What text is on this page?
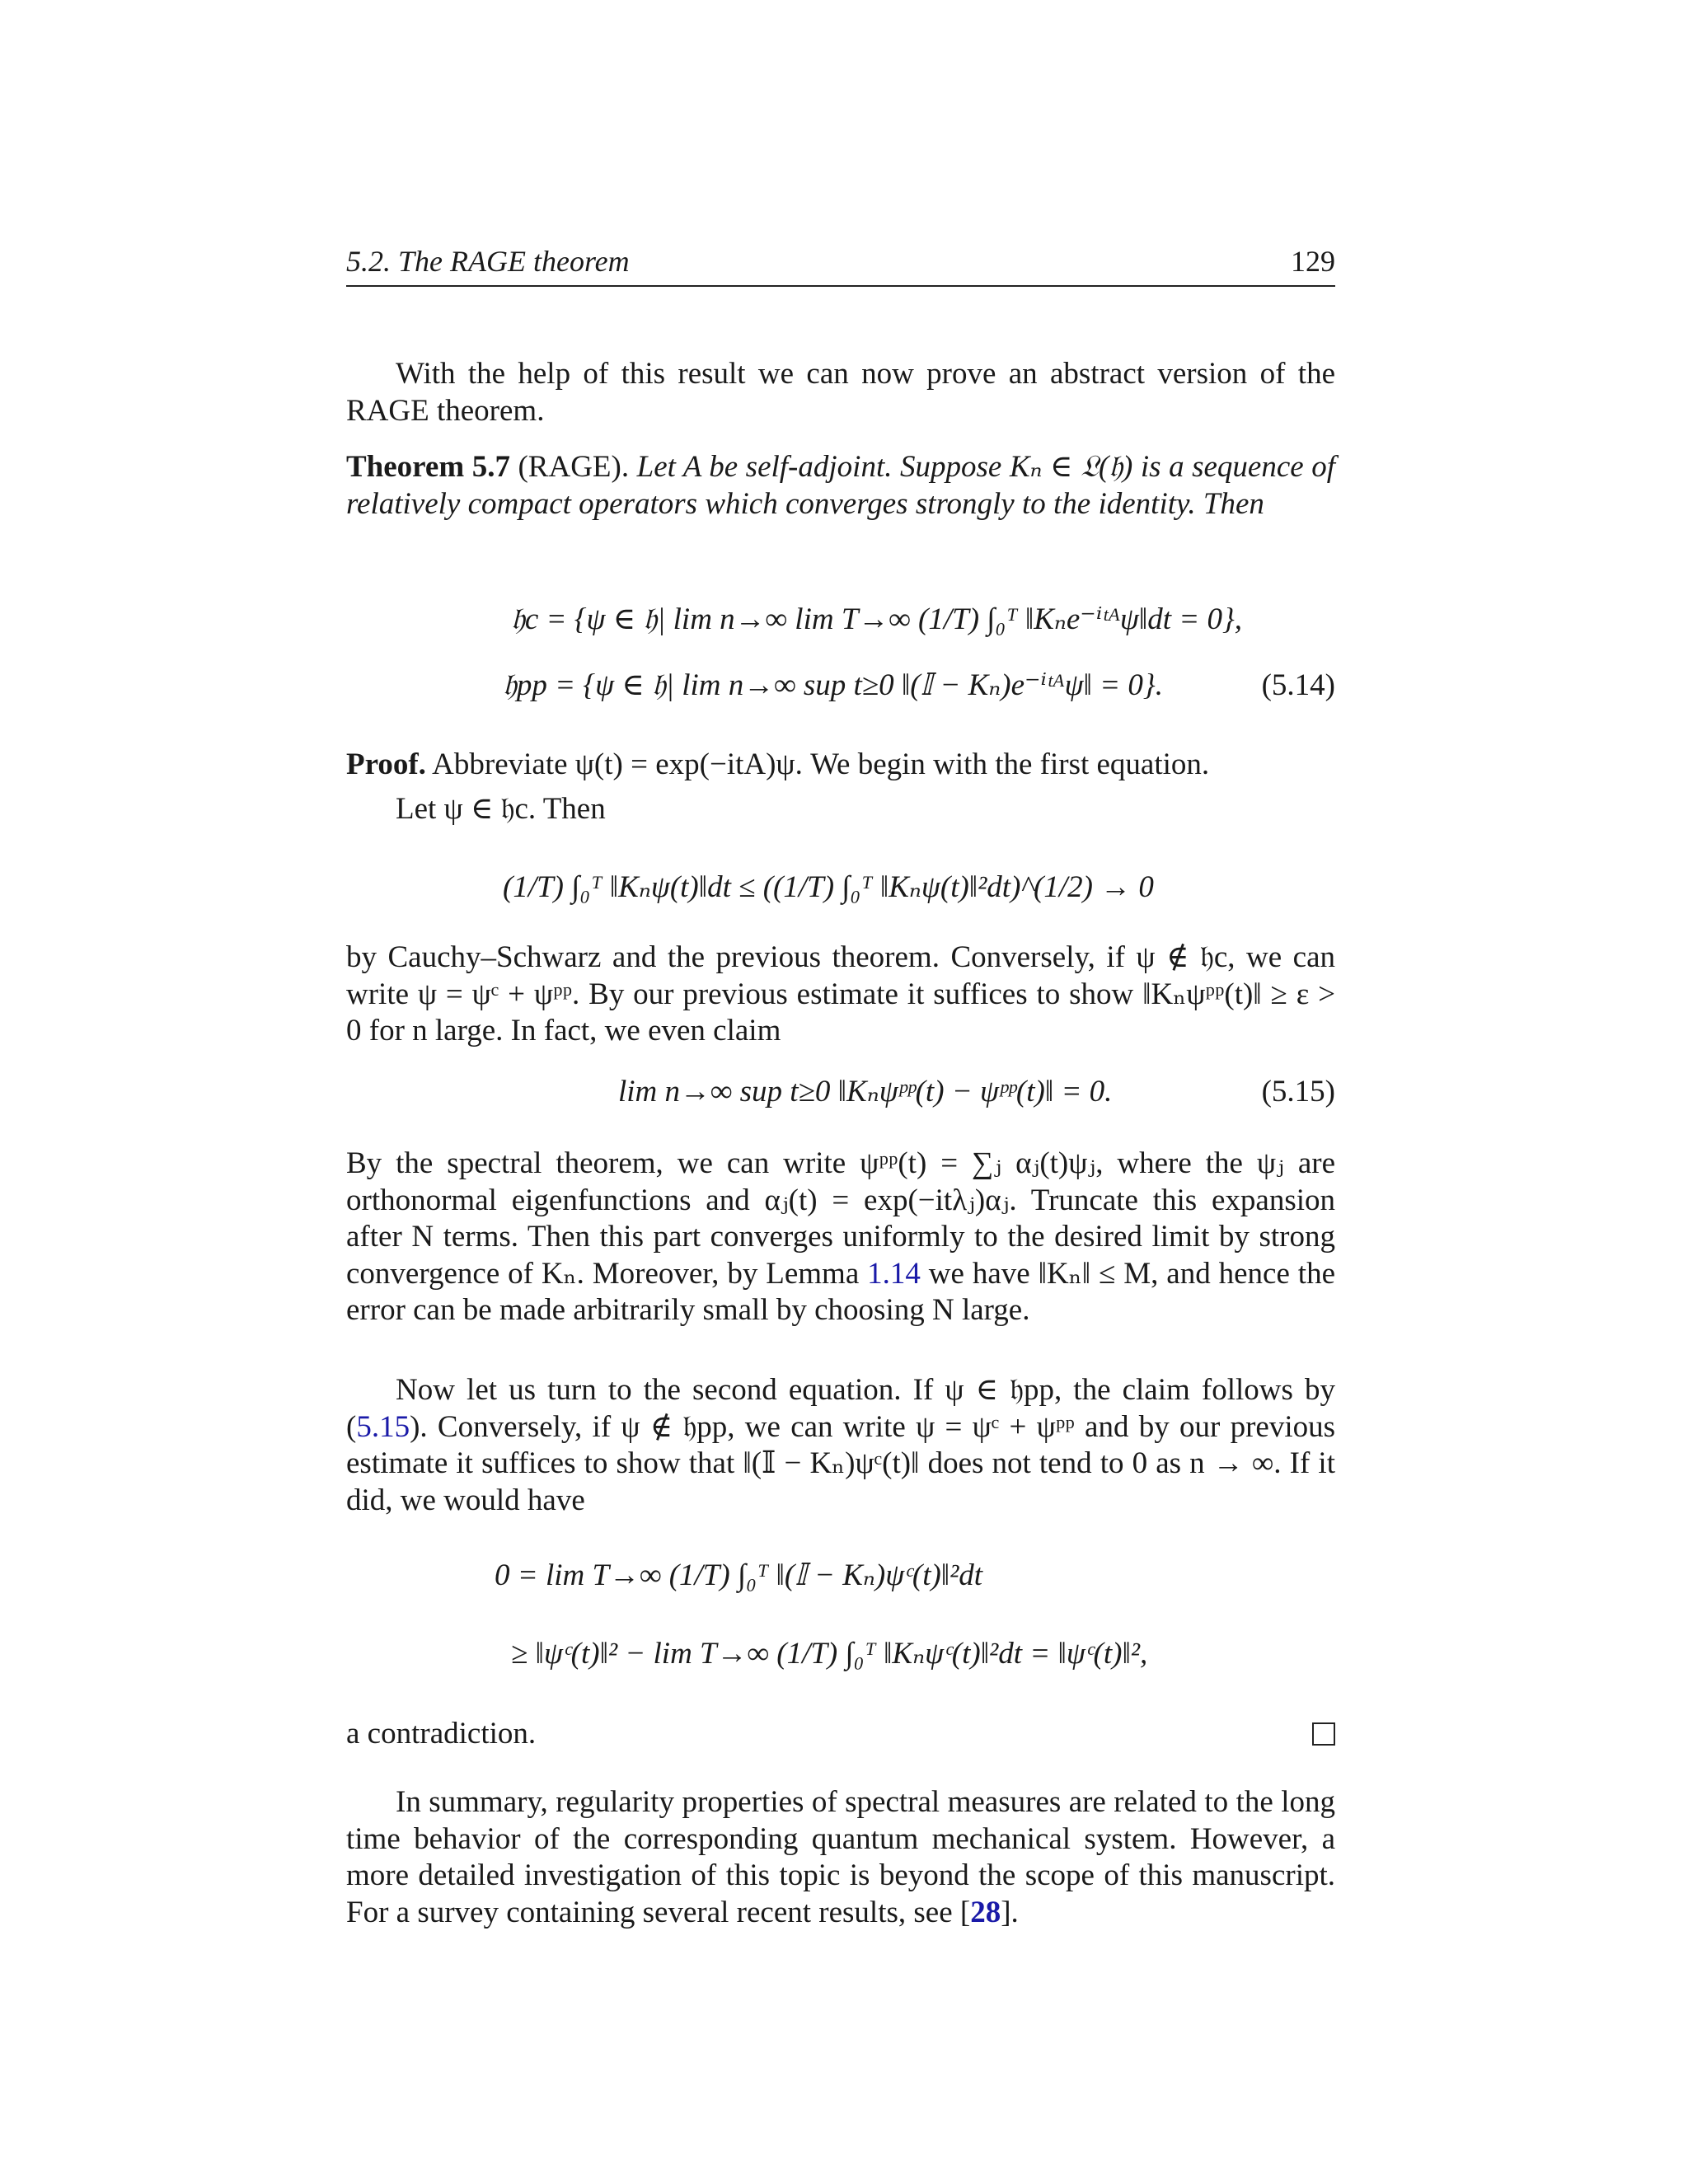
5.2. The RAGE theorem	129
With the help of this result we can now prove an abstract version of the RAGE theorem.
Theorem 5.7 (RAGE). Let A be self-adjoint. Suppose Kₙ ∈ 𝔏(𝔥) is a sequence of relatively compact operators which converges strongly to the identity. Then
𝔥c = {ψ ∈ 𝔥| lim n→∞ lim T→∞ (1/T) ∫₀ᵀ ‖Kₙe⁻ⁱᵗᴬψ‖dt = 0},
𝔥pp = {ψ ∈ 𝔥| lim n→∞ sup t≥0 ‖(𝕀 − Kₙ)e⁻ⁱᵗᴬψ‖ = 0}.	(5.14)
Proof. Abbreviate ψ(t) = exp(−itA)ψ. We begin with the first equation.
Let ψ ∈ 𝔥c. Then
(1/T) ∫₀ᵀ ‖Kₙψ(t)‖dt ≤ ((1/T) ∫₀ᵀ ‖Kₙψ(t)‖²dt)^(1/2) → 0
by Cauchy–Schwarz and the previous theorem. Conversely, if ψ ∉ 𝔥c, we can write ψ = ψᶜ + ψᵖᵖ. By our previous estimate it suffices to show ‖Kₙψᵖᵖ(t)‖ ≥ ε > 0 for n large. In fact, we even claim
lim n→∞ sup t≥0 ‖Kₙψᵖᵖ(t) − ψᵖᵖ(t)‖ = 0.	(5.15)
By the spectral theorem, we can write ψᵖᵖ(t) = ∑ⱼ αⱼ(t)ψⱼ, where the ψⱼ are orthonormal eigenfunctions and αⱼ(t) = exp(−itλⱼ)αⱼ. Truncate this expansion after N terms. Then this part converges uniformly to the desired limit by strong convergence of Kₙ. Moreover, by Lemma 1.14 we have ‖Kₙ‖ ≤ M, and hence the error can be made arbitrarily small by choosing N large.
Now let us turn to the second equation. If ψ ∈ 𝔥pp, the claim follows by (5.15). Conversely, if ψ ∉ 𝔥pp, we can write ψ = ψᶜ + ψᵖᵖ and by our previous estimate it suffices to show that ‖(𝕀 − Kₙ)ψᶜ(t)‖ does not tend to 0 as n → ∞. If it did, we would have
0 = lim T→∞ (1/T) ∫₀ᵀ ‖(𝕀 − Kₙ)ψᶜ(t)‖²dt
≥ ‖ψᶜ(t)‖² − lim T→∞ (1/T) ∫₀ᵀ ‖Kₙψᶜ(t)‖²dt = ‖ψᶜ(t)‖²,
a contradiction.
In summary, regularity properties of spectral measures are related to the long time behavior of the corresponding quantum mechanical system. However, a more detailed investigation of this topic is beyond the scope of this manuscript. For a survey containing several recent results, see [28].
